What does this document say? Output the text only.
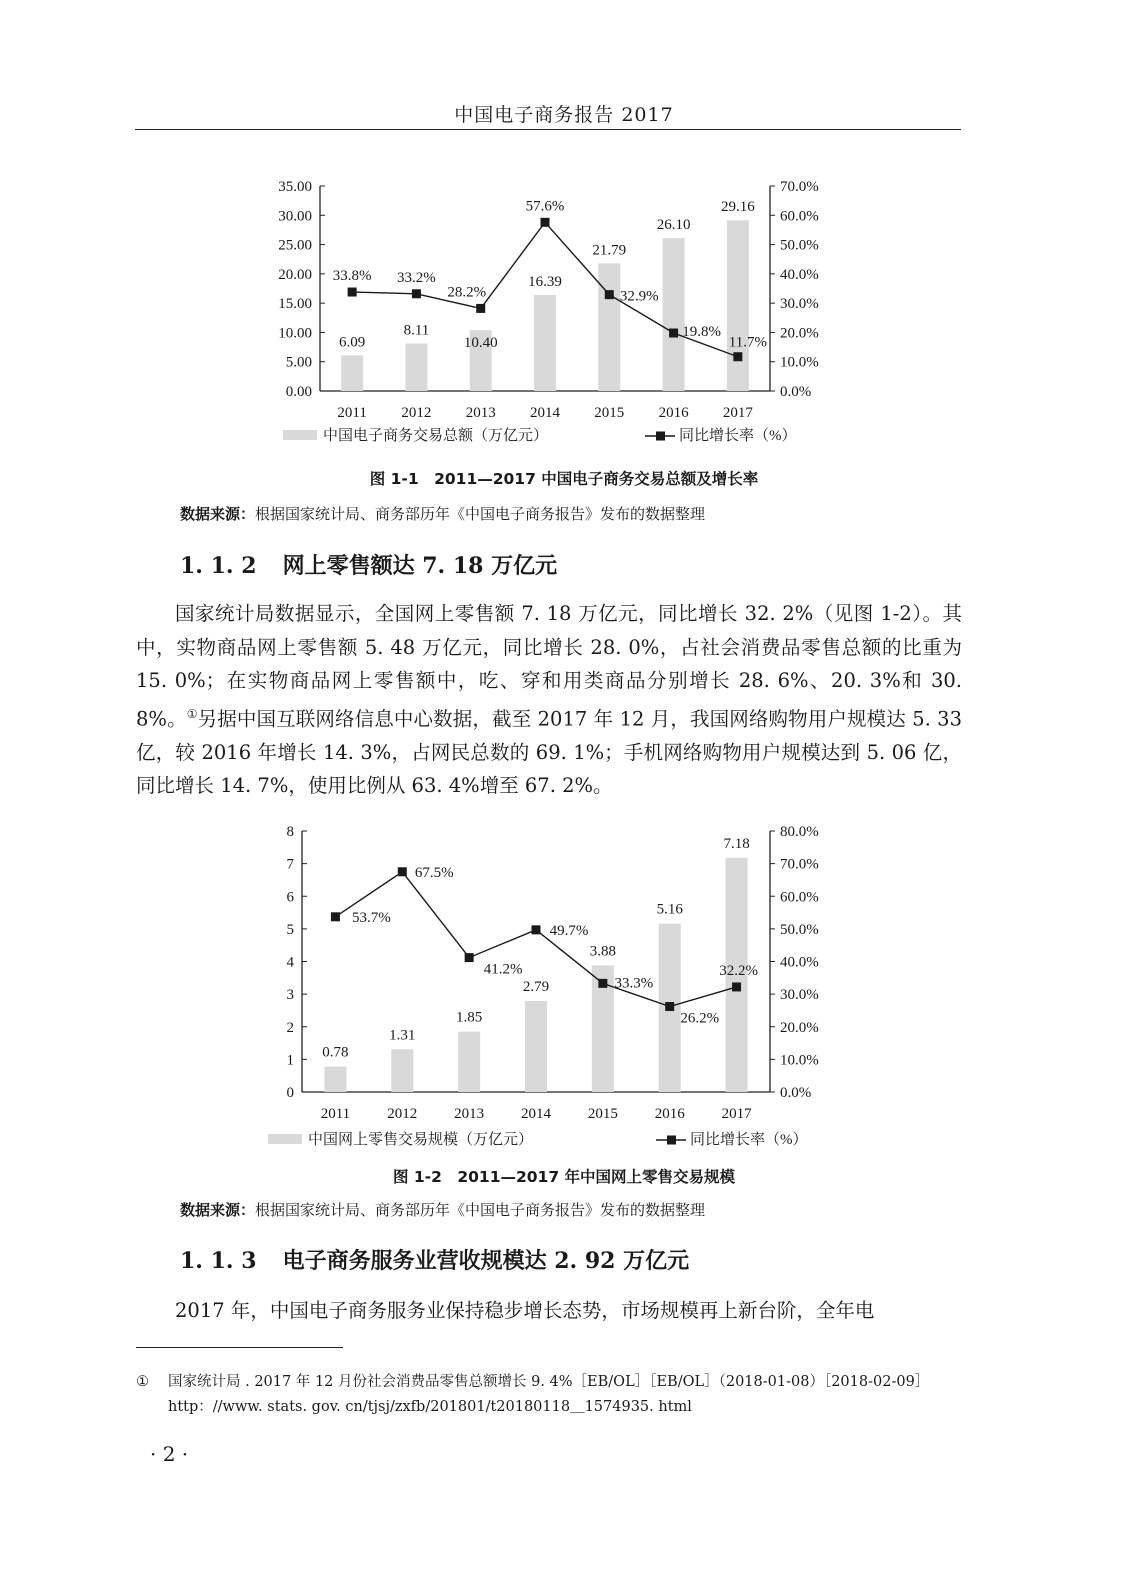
中国电子商务报告 2017
0.00
5.00
10.00
15.00
20.00
25.00
30.00
35.00
0.0%
10.0%
20.0%
30.0%
40.0%
50.0%
60.0%
70.0%
2011 2012 2013 2014 2015 2016 2017
6.09
8.11
10.40
16.39
21.79
26.10
29.16
33.8% 33.2%
28.2%
57.6%
32.9%
19.8%
11.7%
中国电子商务交易总额（万亿元）	同比增长率（%）
图 1-1　2011—2017 中国电子商务交易总额及增长率
数据来源：根据国家统计局、商务部历年《中国电子商务报告》发布的数据整理
1. 1. 2 网上零售额达 7. 18 万亿元
国家统计局数据显示，全国网上零售额 7. 18 万亿元，同比增长 32. 2%（见图 1-2）。其中，实物商品网上零售额 5. 48 万亿元，同比增长 28. 0%，占社会消费品零售总额的比重为 15. 0%；在实物商品网上零售额中，吃、穿和用类商品分别增长 28. 6%、20. 3%和 30. 8%。①另据中国互联网络信息中心数据，截至 2017 年 12 月，我国网络购物用户规模达 5. 33 亿，较 2016 年增长 14. 3%，占网民总数的 69. 1%；手机网络购物用户规模达到 5. 06 亿，同比增长 14. 7%，使用比例从 63. 4%增至 67. 2%。
0
1
2
3
4
5
6
7
8
0.0%
10.0%
20.0%
30.0%
40.0%
50.0%
60.0%
70.0%
80.0%
2011 2012 2013 2014 2015 2016 2017
0.78
1.31
1.85
2.79
3.88
5.16
7.18
53.7%
67.5%
41.2%
49.7%
33.3%
26.2%
32.2%
中国网上零售交易规模（万亿元）	同比增长率（%）
图 1-2　2011—2017 年中国网上零售交易规模
数据来源：根据国家统计局、商务部历年《中国电子商务报告》发布的数据整理
1. 1. 3 电子商务服务业营收规模达 2. 92 万亿元
2017 年，中国电子商务服务业保持稳步增长态势，市场规模再上新台阶，全年电
① 国家统计局 . 2017 年 12 月份社会消费品零售总额增长 9. 4%［EB/OL］［EB/OL］（2018-01-08）［2018-02-09］
http：//www. stats. gov. cn/tjsj/zxfb/201801/t20180118＿1574935. html
· 2 ·
